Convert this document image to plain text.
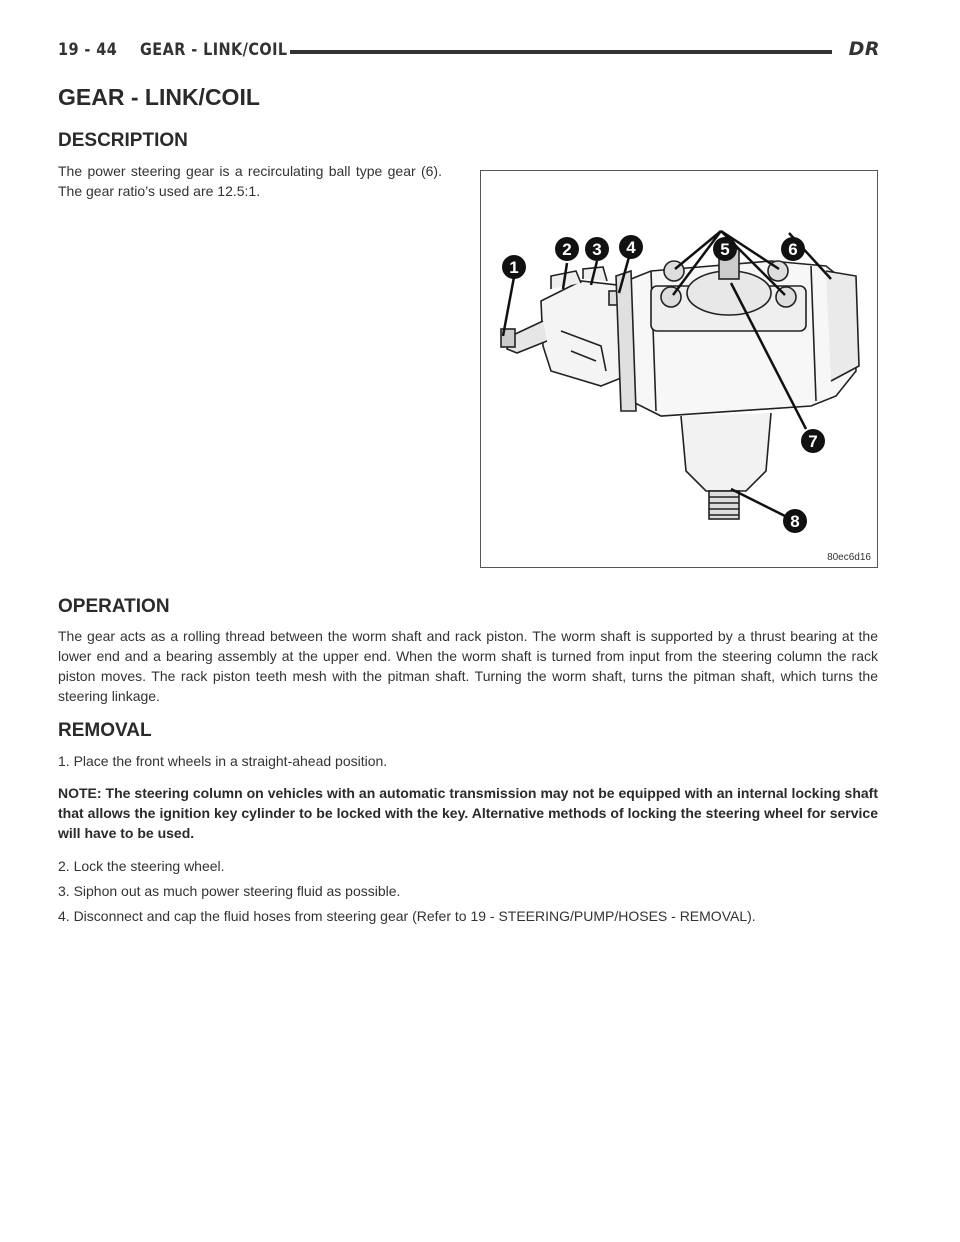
19 - 44 GEAR - LINK/COIL	DR
GEAR - LINK/COIL
DESCRIPTION

The power steering gear is a recirculating ball type gear (6). The gear ratio’s used are 12.5:1.

1
2 3 4	5	6
7
8
80ec6d16
OPERATION

The gear acts as a rolling thread between the worm shaft and rack piston. The worm shaft is supported by a thrust bearing at the lower end and a bearing assembly at the upper end. When the worm shaft is turned from input from the steering column the rack piston moves. The rack piston teeth mesh with the pitman shaft. Turning the worm shaft, turns the pitman shaft, which turns the steering linkage.

REMOVAL

1. Place the front wheels in a straight-ahead position.

NOTE: The steering column on vehicles with an automatic transmission may not be equipped with an internal locking shaft that allows the ignition key cylinder to be locked with the key. Alternative methods of locking the steering wheel for service will have to be used.

2. Lock the steering wheel.

3. Siphon out as much power steering fluid as possible.

4. Disconnect and cap the fluid hoses from steering gear (Refer to 19 - STEERING/PUMP/HOSES - REMOVAL).
